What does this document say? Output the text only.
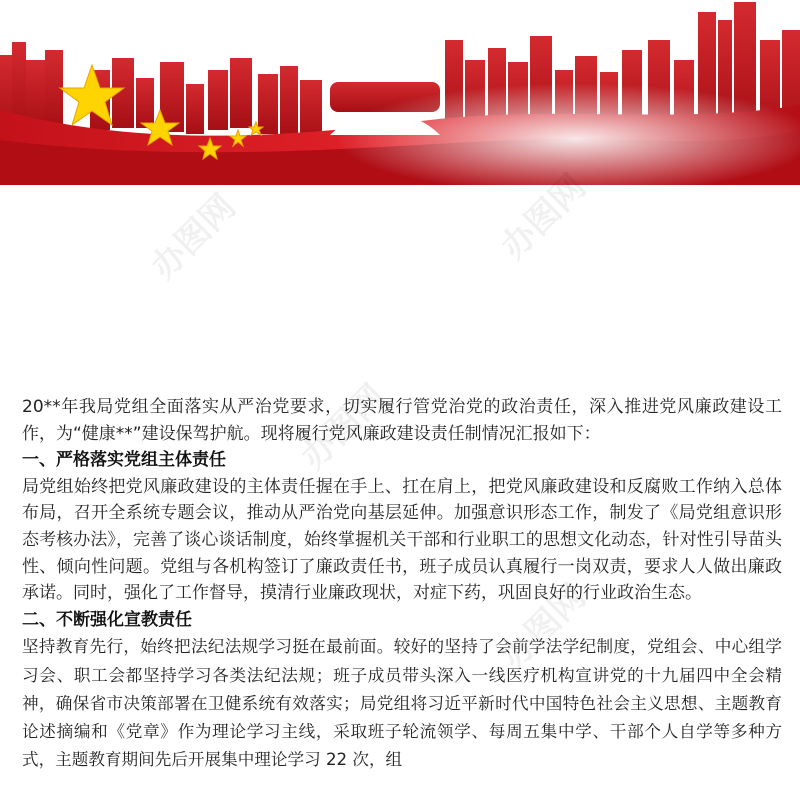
办图网	办图网
办图网
办图网

20**年我局党组全面落实从严治党要求，切实履行管党治党的政治责任，深入推进党风廉政建设工作，为“健康**”建设保驾护航。现将履行党风廉政建设责任制情况汇报如下：

一、严格落实党组主体责任

局党组始终把党风廉政建设的主体责任握在手上、扛在肩上，把党风廉政建设和反腐败工作纳入总体布局，召开全系统专题会议，推动从严治党向基层延伸。加强意识形态工作，制发了《局党组意识形态考核办法》，完善了谈心谈话制度，始终掌握机关干部和行业职工的思想文化动态，针对性引导苗头性、倾向性问题。党组与各机构签订了廉政责任书，班子成员认真履行一岗双责，要求人人做出廉政承诺。同时，强化了工作督导，摸清行业廉政现状，对症下药，巩固良好的行业政治生态。

二、不断强化宣教责任

坚持教育先行，始终把法纪法规学习挺在最前面。较好的坚持了会前学法学纪制度，党组会、中心组学习会、职工会都坚持学习各类法纪法规；班子成员带头深入一线医疗机构宣讲党的十九届四中全会精神，确保省市决策部署在卫健系统有效落实；局党组将习近平新时代中国特色社会主义思想、主题教育论述摘编和《党章》作为理论学习主线，采取班子轮流领学、每周五集中学、干部个人自学等多种方式，主题教育期间先后开展集中理论学习 22 次，组
